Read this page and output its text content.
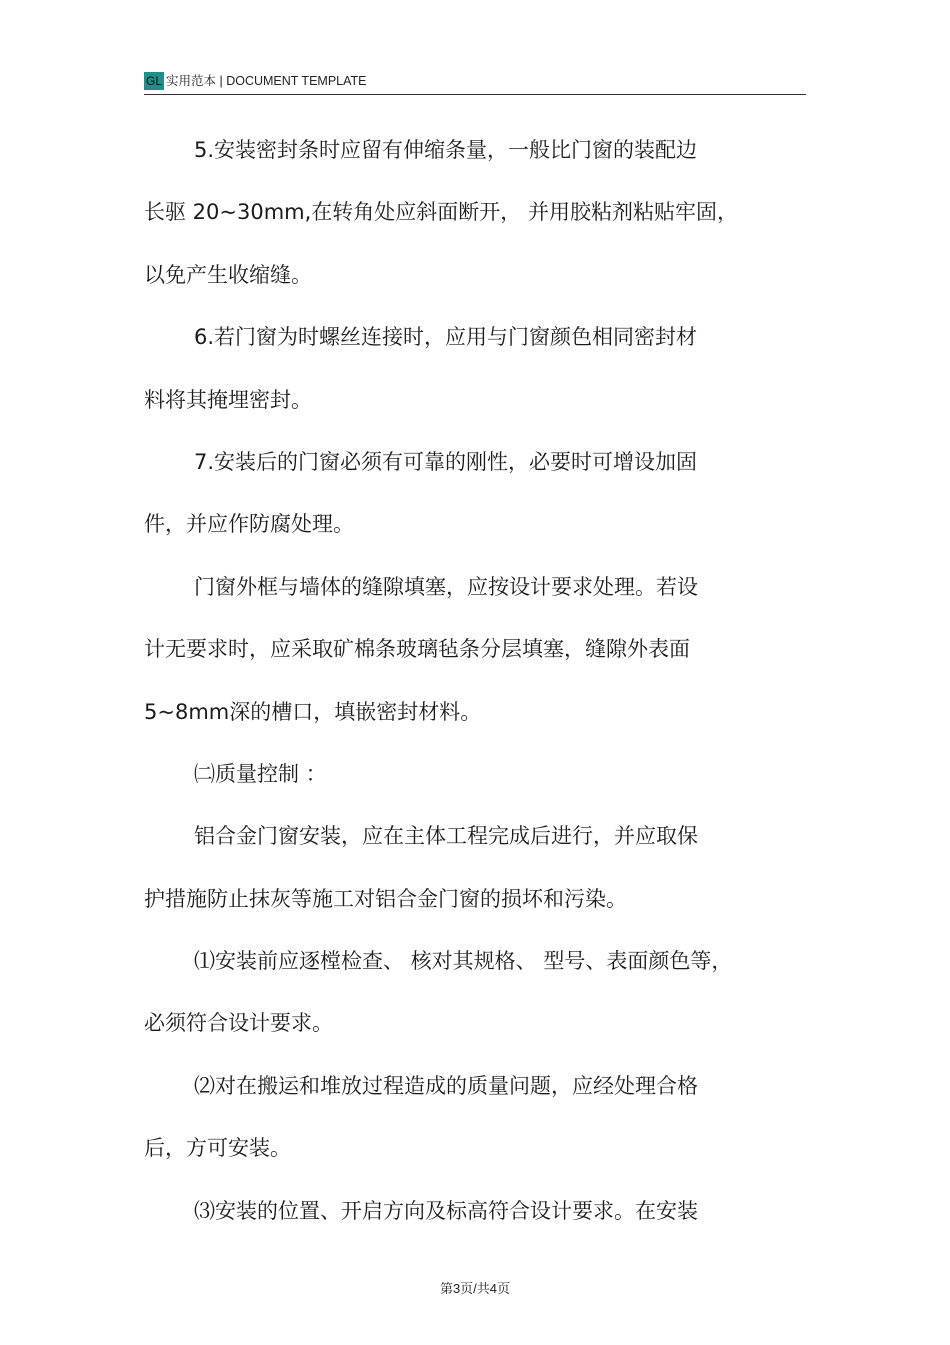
GL 实用范本 | DOCUMENT TEMPLATE
5.安装密封条时应留有伸缩条量，一般比门窗的装配边
长驱 20~30mm,在转角处应斜面断开， 并用胶粘剂粘贴牢固，
以免产生收缩缝。
6.若门窗为时螺丝连接时，应用与门窗颜色相同密封材
料将其掩埋密封。
7.安装后的门窗必须有可靠的刚性，必要时可增设加固
件，并应作防腐处理。
门窗外框与墙体的缝隙填塞，应按设计要求处理。若设
计无要求时，应采取矿棉条玻璃毡条分层填塞，缝隙外表面
5~8mm深的槽口，填嵌密封材料。
㈡质量控制 ：
铝合金门窗安装，应在主体工程完成后进行，并应取保
护措施防止抹灰等施工对铝合金门窗的损坏和污染。
⑴安装前应逐樘检查、 核对其规格、 型号、表面颜色等，
必须符合设计要求。
⑵对在搬运和堆放过程造成的质量问题，应经处理合格
后，方可安装。
⑶安装的位置、开启方向及标高符合设计要求。在安装
第3页/共4页
